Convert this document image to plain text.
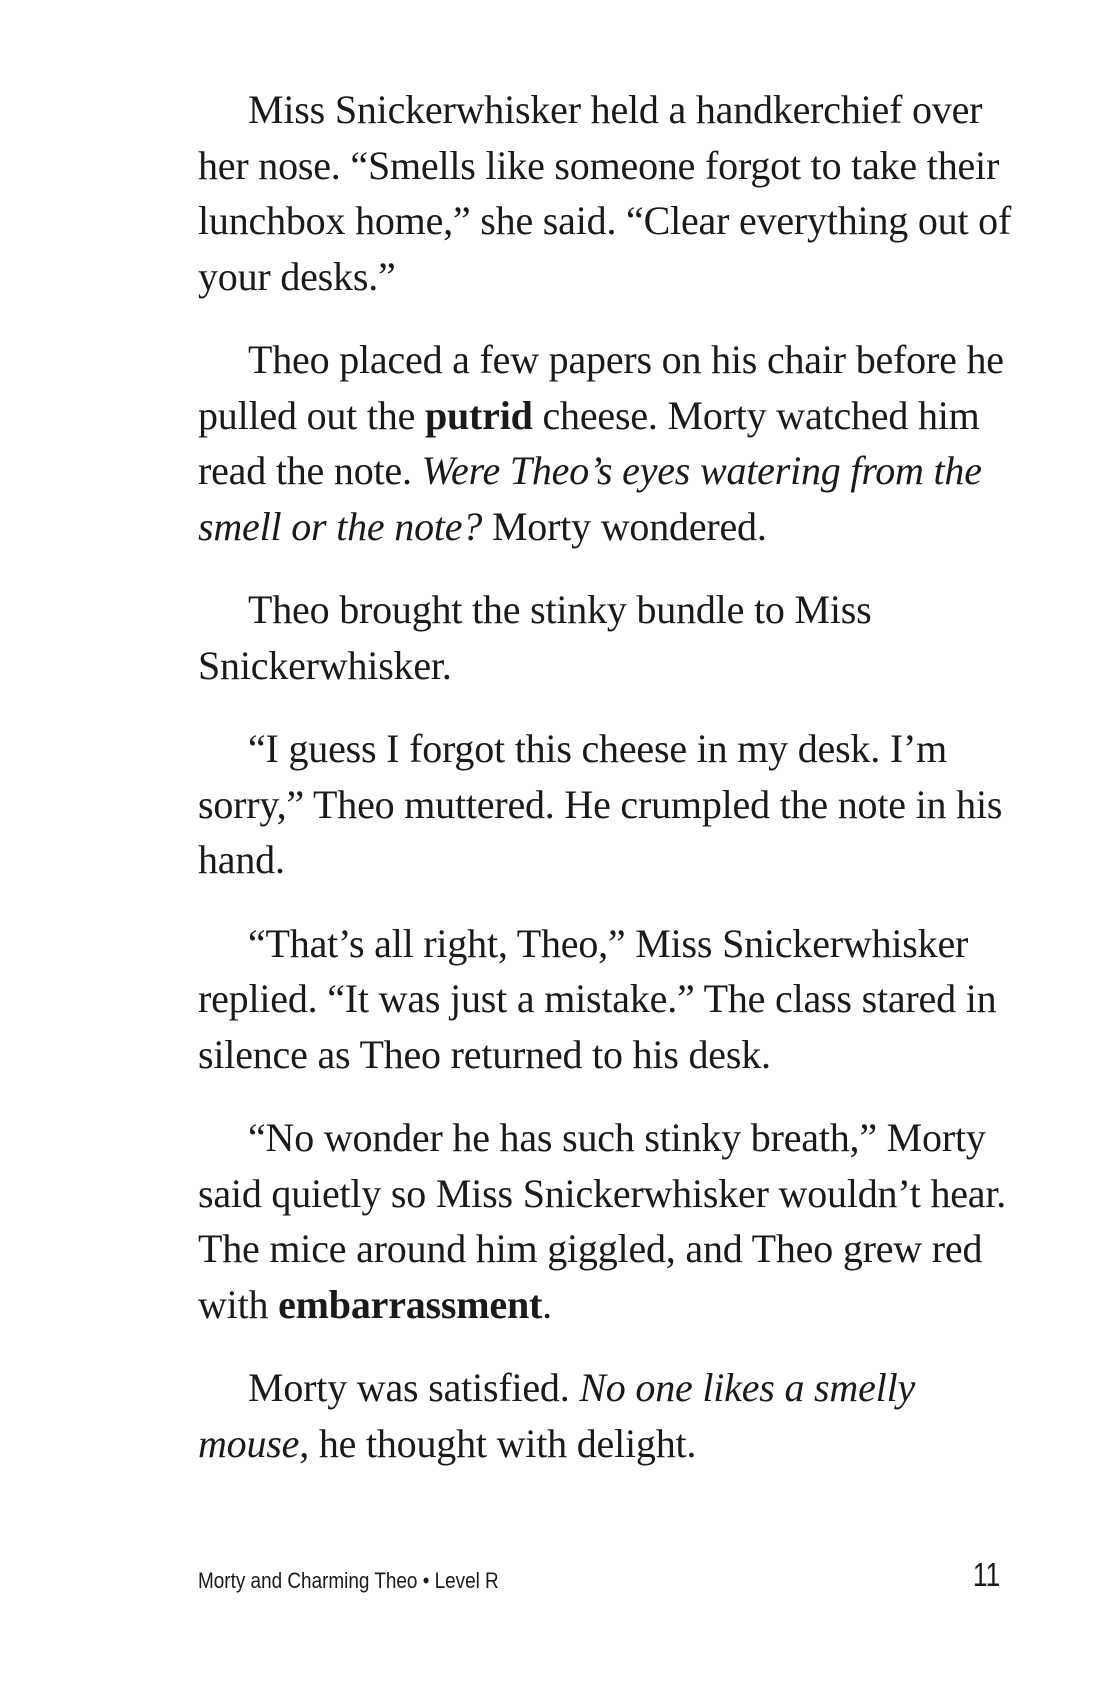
Miss Snickerwhisker held a handkerchief over her nose. “Smells like someone forgot to take their lunchbox home,” she said. “Clear everything out of your desks.”

Theo placed a few papers on his chair before he pulled out the putrid cheese. Morty watched him read the note. Were Theo’s eyes watering from the smell or the note? Morty wondered.

Theo brought the stinky bundle to Miss Snickerwhisker.

“I guess I forgot this cheese in my desk. I’m sorry,” Theo muttered. He crumpled the note in his hand.

“That’s all right, Theo,” Miss Snickerwhisker replied. “It was just a mistake.” The class stared in silence as Theo returned to his desk.

“No wonder he has such stinky breath,” Morty said quietly so Miss Snickerwhisker wouldn’t hear. The mice around him giggled, and Theo grew red with embarrassment.

Morty was satisfied. No one likes a smelly mouse, he thought with delight.

Morty and Charming Theo • Level R	11
